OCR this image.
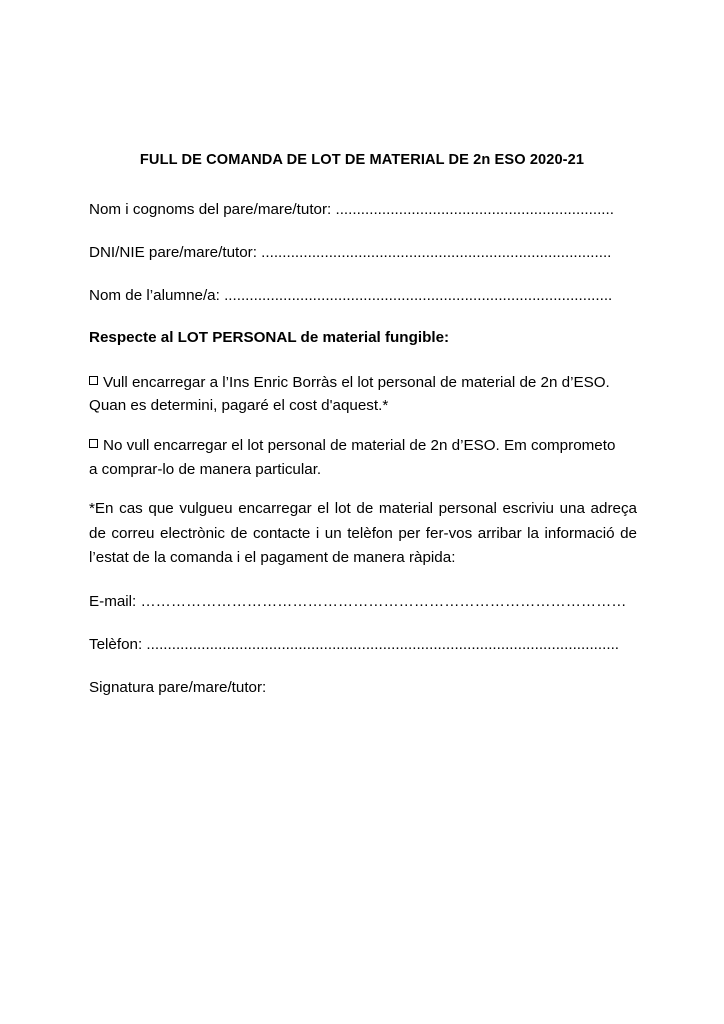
FULL DE COMANDA DE LOT DE MATERIAL DE 2n ESO 2020-21
Nom i cognoms del pare/mare/tutor: ..................................................................
DNI/NIE pare/mare/tutor: ...................................................................................
Nom de l’alumne/a: ............................................................................................
Respecte al LOT PERSONAL de material fungible:
Vull encarregar a l’Ins Enric Borràs el lot personal de material de 2n d’ESO.
Quan es determini, pagaré el cost d'aquest.*
No vull encarregar el lot personal de material de 2n d’ESO. Em comprometo
a comprar-lo de manera particular.
*En cas que vulgueu encarregar el lot de material personal escriviu una adreça de correu electrònic de contacte i un telèfon per fer-vos arribar la informació de l’estat de la comanda i el pagament de manera ràpida:
E-mail: ……………………………………………………………………………………
Telèfon: ................................................................................................................
Signatura pare/mare/tutor:
